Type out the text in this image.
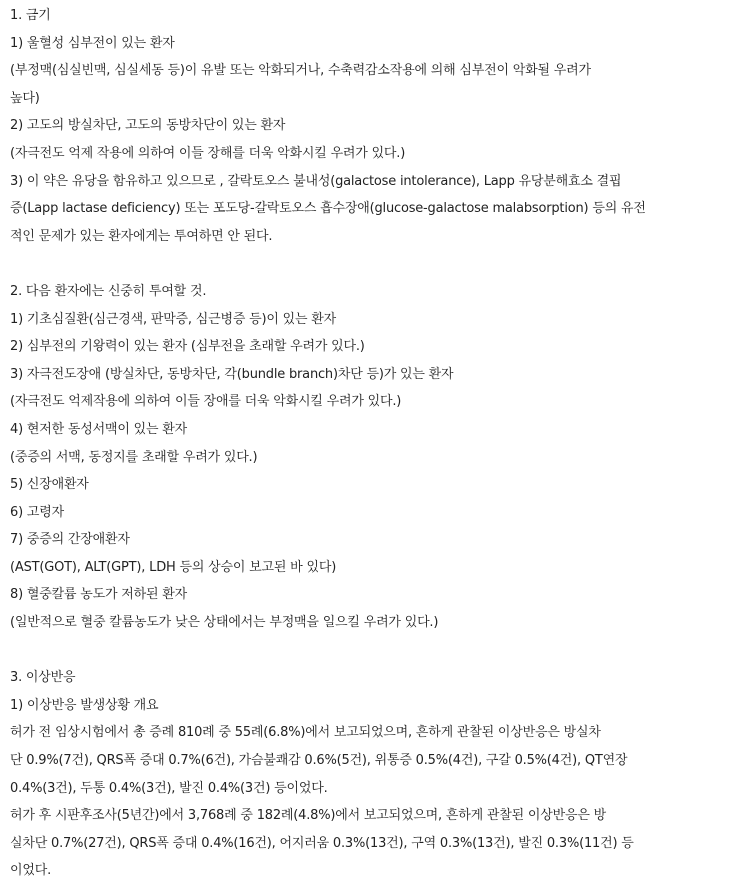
1. 금기
1) 울혈성 심부전이 있는 환자
(부정맥(심실빈맥, 심실세동 등)이 유발 또는 악화되거나, 수축력감소작용에 의해 심부전이 악화될 우려가
높다)
2) 고도의 방실차단, 고도의 동방차단이 있는 환자
(자극전도 억제 작용에 의하여 이들 장해를 더욱 악화시킬 우려가 있다.)
3) 이 약은 유당을 함유하고 있으므로 , 갈락토오스 불내성(galactose intolerance), Lapp 유당분해효소 결핍
증(Lapp lactase deficiency) 또는 포도당-갈락토오스 흡수장애(glucose-galactose malabsorption) 등의 유전
적인 문제가 있는 환자에게는 투여하면 안 된다.
2. 다음 환자에는 신중히 투여할 것.
1) 기초심질환(심근경색, 판막증, 심근병증 등)이 있는 환자
2) 심부전의 기왕력이 있는 환자 (심부전을 초래할 우려가 있다.)
3) 자극전도장애 (방실차단, 동방차단, 각(bundle branch)차단 등)가 있는 환자
(자극전도 억제작용에 의하여 이들 장애를 더욱 악화시킬 우려가 있다.)
4) 현저한 동성서맥이 있는 환자
(중증의 서맥, 동정지를 초래할 우려가 있다.)
5) 신장애환자
6) 고령자
7) 중증의 간장애환자
(AST(GOT), ALT(GPT), LDH 등의 상승이 보고된 바 있다)
8) 혈중칼륨 농도가 저하된 환자
(일반적으로 혈중 칼륨농도가 낮은 상태에서는 부정맥을 일으킬 우려가 있다.)
3. 이상반응
1) 이상반응 발생상황 개요
허가 전 임상시험에서 총 증례 810례 중 55례(6.8%)에서 보고되었으며, 흔하게 관찰된 이상반응은 방실차
단 0.9%(7건), QRS폭 증대 0.7%(6건), 가슴불쾌감 0.6%(5건), 위통증 0.5%(4건), 구갈 0.5%(4건), QT연장
0.4%(3건), 두통 0.4%(3건), 발진 0.4%(3건) 등이었다.
허가 후 시판후조사(5년간)에서 3,768례 중 182례(4.8%)에서 보고되었으며, 흔하게 관찰된 이상반응은 방
실차단 0.7%(27건), QRS폭 증대 0.4%(16건), 어지러움 0.3%(13건), 구역 0.3%(13건), 발진 0.3%(11건) 등
이었다.
